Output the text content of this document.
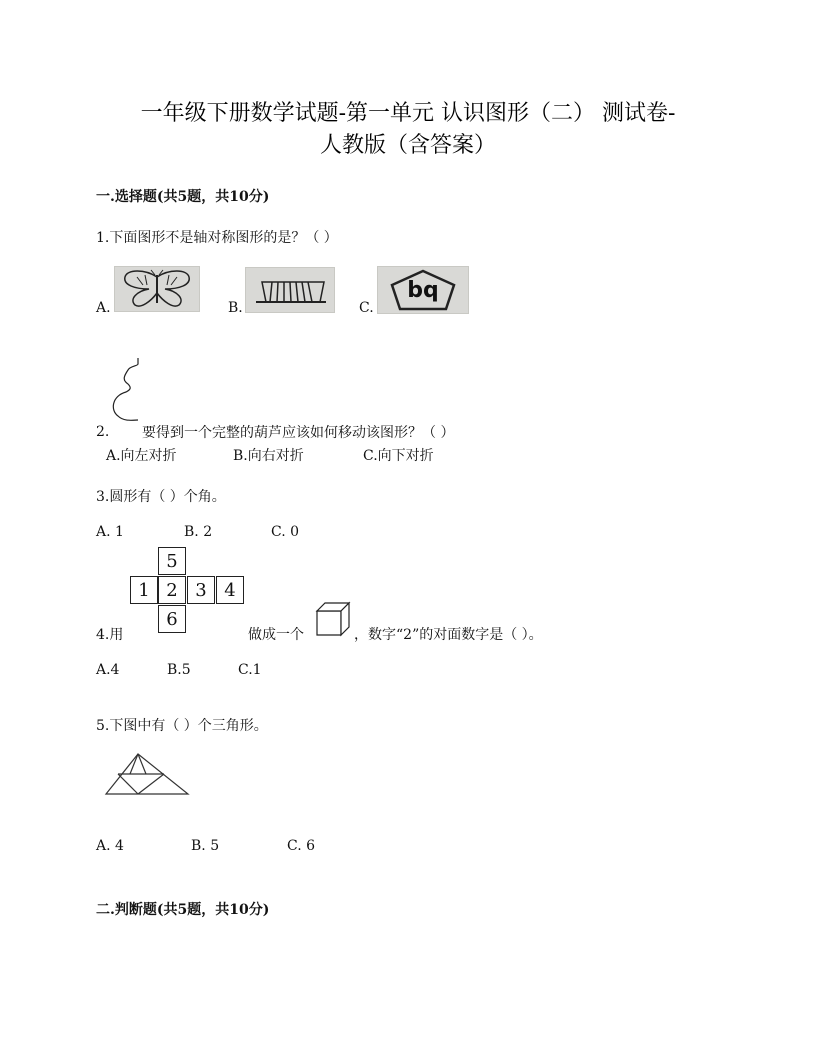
一年级下册数学试题-第一单元 认识图形（二） 测试卷-
人教版（含答案）
一.选择题(共5题，共10分)
1.下面图形不是轴对称图形的是？（ ）
A.	B.	C.
bq
2. 要得到一个完整的葫芦应该如何移动该图形？（ ）
A.向左对折	B.向右对折	C.向下对折
3.圆形有（ ）个角。
A. 1	B. 2	C. 0
5
1 2 3 4
6
4.用	做成一个	，数字“2”的对面数字是（ ）。
A.4	B.5	C.1
5.下图中有（ ）个三角形。
A. 4	B. 5	C. 6
二.判断题(共5题，共10分)
